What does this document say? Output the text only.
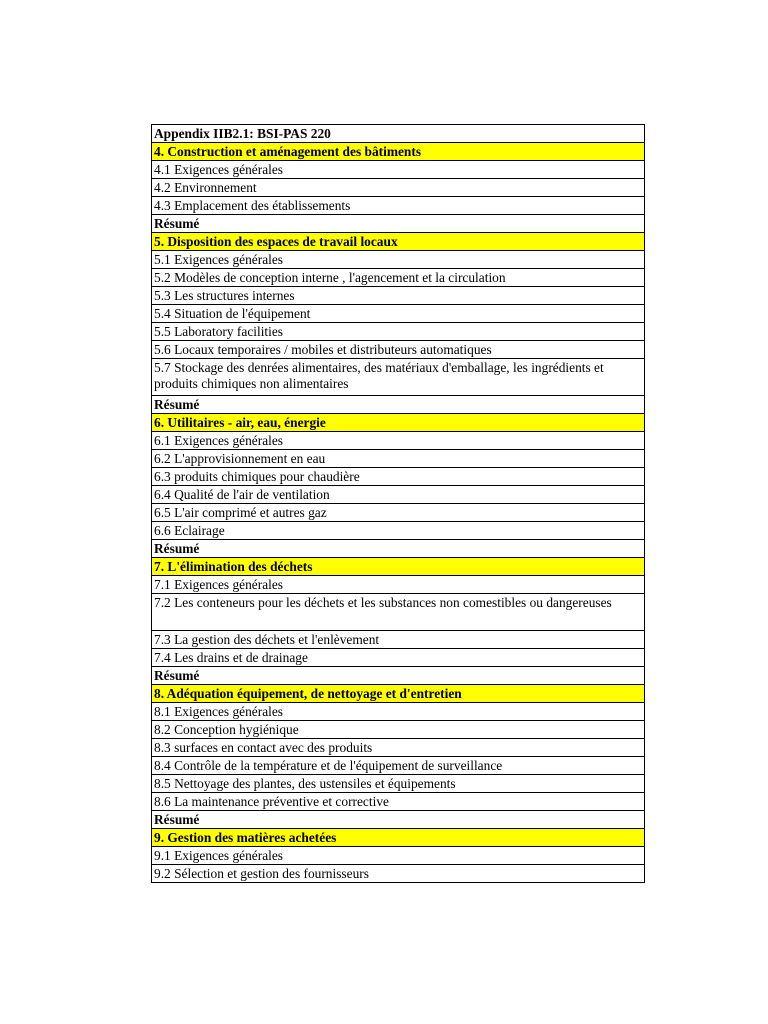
Appendix IIB2.1: BSI-PAS 220
4. Construction et aménagement des bâtiments
4.1 Exigences générales
4.2 Environnement
4.3 Emplacement des établissements
Résumé
5. Disposition des espaces de travail locaux
5.1 Exigences générales
5.2 Modèles de conception interne , l'agencement et la circulation
5.3 Les structures internes
5.4 Situation de l'équipement
5.5 Laboratory facilities
5.6 Locaux temporaires / mobiles et distributeurs automatiques
5.7 Stockage des denrées alimentaires, des matériaux d'emballage, les ingrédients et produits chimiques non alimentaires
Résumé
6. Utilitaires - air, eau, énergie
6.1 Exigences générales
6.2 L'approvisionnement en eau
6.3 produits chimiques pour chaudière
6.4 Qualité de l'air de ventilation
6.5 L'air comprimé et autres gaz
6.6 Eclairage
Résumé
7. L'élimination des déchets
7.1 Exigences générales
7.2 Les conteneurs pour les déchets et les substances non comestibles ou dangereuses
7.3 La gestion des déchets et l'enlèvement
7.4 Les drains et de drainage
Résumé
8. Adéquation équipement, de nettoyage et d'entretien
8.1 Exigences générales
8.2 Conception hygiénique
8.3 surfaces en contact avec des produits
8.4 Contrôle de la température et de l'équipement de surveillance
8.5 Nettoyage des plantes, des ustensiles et équipements
8.6 La maintenance préventive et corrective
Résumé
9. Gestion des matières achetées
9.1 Exigences générales
9.2 Sélection et gestion des fournisseurs
